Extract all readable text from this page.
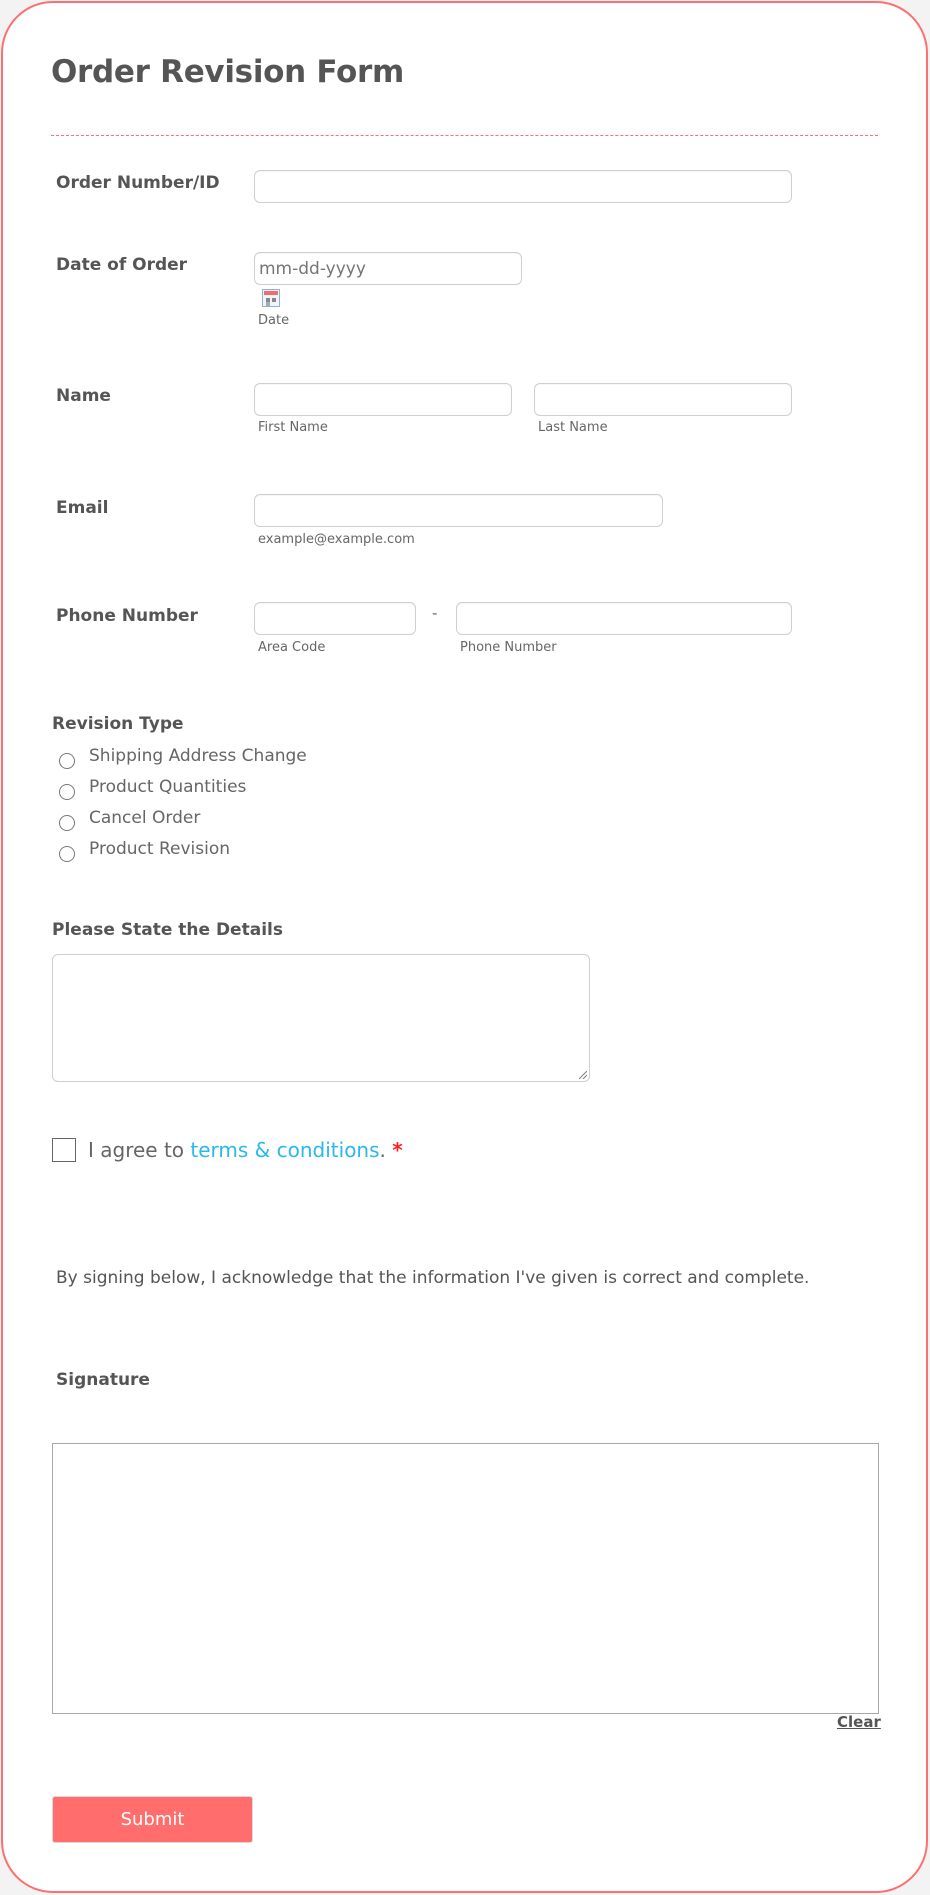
Order Revision Form
Order Number/ID
Date of Order
mm-dd-yyyy
Date
Name
First Name	Last Name
Email
example@example.com
Phone Number	-
Area Code	Phone Number
Revision Type
Shipping Address Change
Product Quantities
Cancel Order
Product Revision
Please State the Details
I agree to terms & conditions. *
By signing below, I acknowledge that the information I've given is correct and complete.
Signature
Clear
Submit
